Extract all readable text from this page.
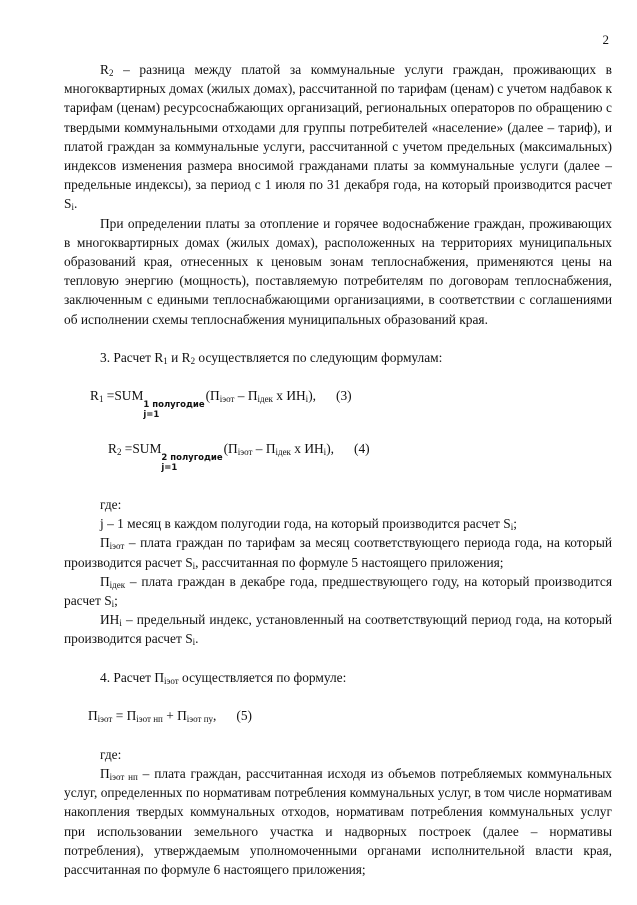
2

$R_2$ – разница между платой за коммунальные услуги граждан, проживающих в многоквартирных домах (жилых домах), рассчитанной по тарифам (ценам) с учетом надбавок к тарифам (ценам) ресурсоснабжающих организаций, региональных операторов по обращению с твердыми коммунальными отходами для группы потребителей «население» (далее – тариф), и платой граждан за коммунальные услуги, рассчитанной с учетом предельных (максимальных) индексов изменения размера вносимой гражданами платы за коммунальные услуги (далее – предельные индексы), за период с 1 июля по 31 декабря года, на который производится расчет $S_i$.

При определении платы за отопление и горячее водоснабжение граждан, проживающих в многоквартирных домах (жилых домах), расположенных на территориях муниципальных образований края, отнесенных к ценовым зонам теплоснабжения, применяются цены на тепловую энергию (мощность), поставляемую потребителям по договорам теплоснабжения, заключенным с едиными теплоснабжающими организациями, в соответствии с соглашениями об исполнении схемы теплоснабжения муниципальных образований края.

3. Расчет $R_1$ и $R_2$ осуществляется по следующим формулам:

$R_1 =SUM$
1 полугодие
j=1
($П_{iэот} - П_{iдек}$ х $ИН_i$), (3)

$R_2 =SUM$
2 полугодие
j=1
($П_{iэот} - П_{iдек}$ х $ИН_i$), (4)

где:

j – 1 месяц в каждом полугодии года, на который производится расчет $S_i$;

$П_{iэот}$ – плата граждан по тарифам за месяц соответствующего периода года, на который производится расчет $S_i$, рассчитанная по формуле 5 настоящего приложения;

$П_{iдек}$ – плата граждан в декабре года, предшествующего году, на который производится расчет $S_i$;

$ИН_i$ – предельный индекс, установленный на соответствующий период года, на который производится расчет $S_i$.

4. Расчет $П_{iэот}$ осуществляется по формуле:

$П_{iэот} = П_{iэот нп} + П_{iэот пу}$, (5)

где:

$П_{iэот нп}$ – плата граждан, рассчитанная исходя из объемов потребляемых коммунальных услуг, определенных по нормативам потребления коммунальных услуг, в том числе нормативам накопления твердых коммунальных отходов, нормативам потребления коммунальных услуг при использовании земельного участка и надворных построек (далее – нормативы потребления), утверждаемым уполномоченными органами исполнительной власти края, рассчитанная по формуле 6 настоящего приложения;
